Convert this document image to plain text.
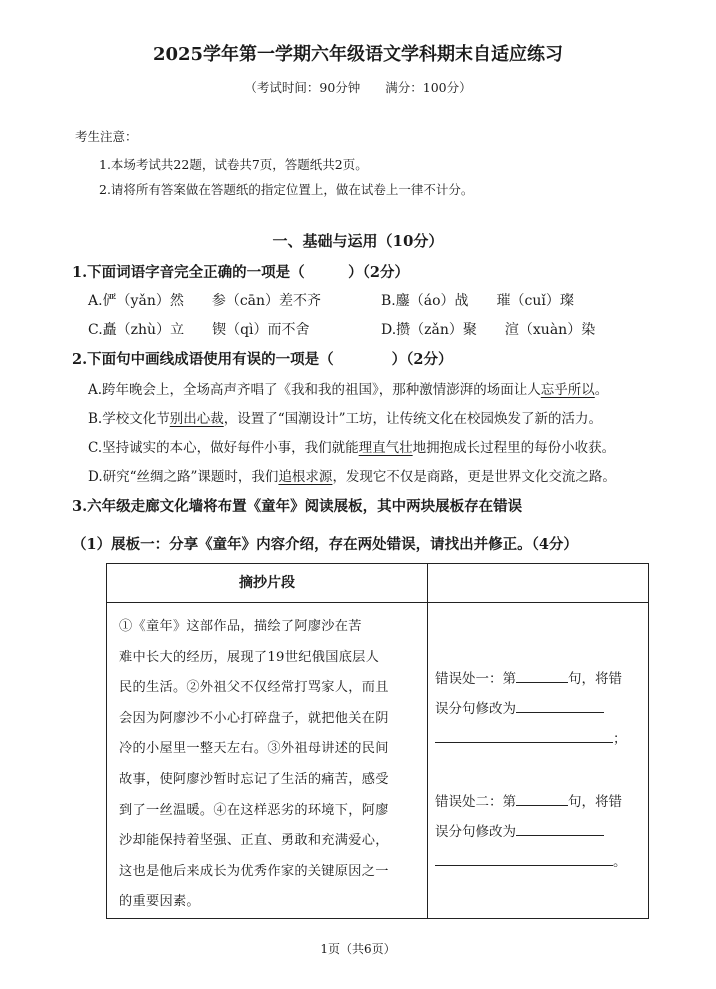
2025学年第一学期六年级语文学科期末自适应练习
（考试时间：90分钟　　满分：100分）
考生注意：
1.本场考试共22题，试卷共7页，答题纸共2页。
2.请将所有答案做在答题纸的指定位置上，做在试卷上一律不计分。
一、基础与运用（10分）
1.下面词语字音完全正确的一项是（　　　）（2分）
A.俨（yǎn）然　　参（cān）差不齐	B.鏖（áo）战　　璀（cuǐ）璨
C.矗（zhù）立　　锲（qì）而不舍	D.攒（zǎn）聚　　渲（xuàn）染
2.下面句中画线成语使用有误的一项是（　　　　）（2分）
A.跨年晚会上，全场高声齐唱了《我和我的祖国》，那种激情澎湃的场面让人忘乎所以。
B.学校文化节别出心裁，设置了“国潮设计”工坊，让传统文化在校园焕发了新的活力。
C.坚持诚实的本心，做好每件小事，我们就能理直气壮地拥抱成长过程里的每份小收获。
D.研究“丝绸之路”课题时，我们追根求源，发现它不仅是商路，更是世界文化交流之路。
3.六年级走廊文化墙将布置《童年》阅读展板，其中两块展板存在错误
（1）展板一：分享《童年》内容介绍，存在两处错误，请找出并修正。（4分）
摘抄片段
①《童年》这部作品，描绘了阿廖沙在苦
难中长大的经历，展现了19世纪俄国底层人
民的生活。②外祖父不仅经常打骂家人，而且
会因为阿廖沙不小心打碎盘子，就把他关在阴
冷的小屋里一整天左右。③外祖母讲述的民间
故事，使阿廖沙暂时忘记了生活的痛苦，感受
到了一丝温暖。④在这样恶劣的环境下，阿廖
沙却能保持着坚强、正直、勇敢和充满爱心，
这也是他后来成长为优秀作家的关键原因之一
的重要因素。
错误处一：第	句，将错
误分句修改为
；
错误处二：第	句，将错
误分句修改为
。
1页（共6页）
